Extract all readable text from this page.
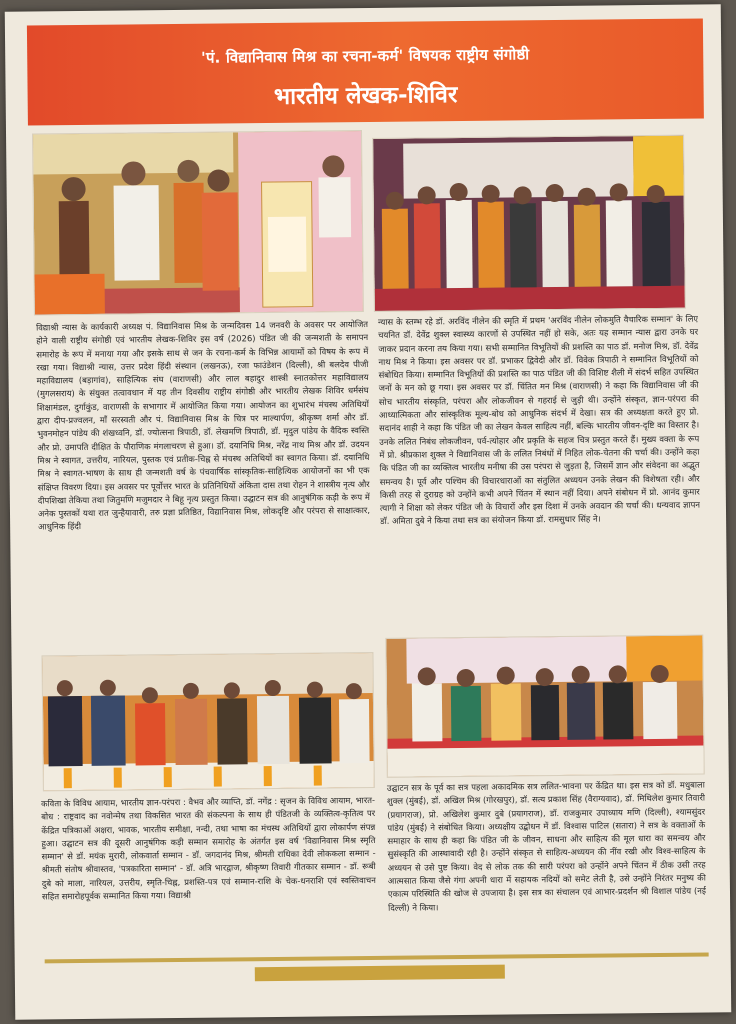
'पं. विद्यानिवास मिश्र का रचना-कर्म' विषयक राष्ट्रीय संगोष्ठी
भारतीय लेखक-शिविर
विद्याश्री न्यास के कार्यकारी अध्यक्ष पं. विद्यानिवास मिश्र के जन्मदिवस 14 जनवरी के अवसर पर आयोजित होने वाली राष्ट्रीय संगोष्ठी एवं भारतीय लेखक-शिविर इस वर्ष (2026) पंडित जी की जन्मशती के समापन समारोह के रूप में मनाया गया और इसके साथ से जन के रचना-कर्म के विभिन्न आयामों को विषय के रूप में रखा गया। विद्याश्री न्यास, उत्तर प्रदेश हिंदी संस्थान (लखनऊ), रजा फाउंडेशन (दिल्ली), श्री बलदेव पीजी महाविद्यालय (बड़ागांव), साहित्यिक संघ (वाराणसी) और लाल बहादुर शास्त्री स्नातकोत्तर महाविद्यालय (मुगलसराय) के संयुक्त तत्वावधान में यह तीन दिवसीय राष्ट्रीय संगोष्ठी और भारतीय लेखक शिविर धर्मसंघ शिक्षामंडल, दुर्गाकुंड, वाराणसी के सभागार में आयोजित किया गया। आयोजन का शुभारंभ मंचस्थ अतिथियों द्वारा दीप-प्रज्वलन, माँ सरस्वती और पं. विद्यानिवास मिश्र के चित्र पर माल्यार्पण, श्रीकृष्ण शर्मा और डॉ. भुवनमोहन पांडेय की शंखध्वनि, डॉ. ज्योत्सना त्रिपाठी, डॉ. लेखमणि त्रिपाठी, डॉ. मृदुल पांडेय के वैदिक स्वस्ति और प्रो. उमापति दीक्षित के पौराणिक मंगलाचरण से हुआ। डॉ. दयानिधि मिश्र, नरेंद्र नाथ मिश्र और डॉ. उदयन मिश्र ने स्वागत, उत्तरीय, नारियल, पुस्तक एवं प्रतीक-चिह्न से मंचस्थ अतिथियों का स्वागत किया। डॉ. दयानिधि मिश्र ने स्वागत-भाषण के साथ ही जन्मशती वर्ष के पंचवार्षिक सांस्कृतिक-साहित्यिक आयोजनों का भी एक संक्षिप्त विवरण दिया। इस अवसर पर पूर्वोत्तर भारत के प्रतिनिधियों अंकिता दास तथा रोहन ने शास्त्रीय नृत्य और दीपशिखा तेकिया तथा जितुमणि मजुमदार ने बिहू नृत्य प्रस्तुत किया। उद्घाटन सत्र की आनुषंगिक कड़ी के रूप में अनेक पुस्तकों यथा रात जुन्हैयावारी, तरु प्रज्ञा प्रतिष्ठित, विद्यानिवास मिश्र, लोकदृष्टि और परंपरा से साक्षात्कार, आधुनिक हिंदी
न्यास के स्तम्भ रहे डॉ. अरविंद नीलेन की स्मृति में प्रथम 'अरविंद नीलेन लोकमुति वैचारिक सम्मान' के लिए चयनित डॉ. देवेंद्र शुक्ल स्वास्थ्य कारणों से उपस्थित नहीं हो सके, अतः यह सम्मान न्यास द्वारा उनके घर जाकर प्रदान करना तय किया गया। सभी सम्मानित विभूतियों की प्रशस्ति का पाठ डॉ. मनोज मिश्र, डॉ. देवेंद्र नाथ मिश्र ने किया। इस अवसर पर डॉ. प्रभाकर द्विवेदी और डॉ. विवेक त्रिपाठी ने सम्मानित विभूतियों को संबोधित किया। सम्मानित विभूतियों की प्रशस्ति का पाठ पंडित जी की विशिष्ट शैली में संदर्भ सहित उपस्थित जनों के मन को छू गया। इस अवसर पर डॉ. चिंतित मन मिश्र (वाराणसी) ने कहा कि विद्यानिवास जी की सोच भारतीय संस्कृति, परंपरा और लोकजीवन से गहराई से जुड़ी थी। उन्होंने संस्कृत, ज्ञान-परंपरा की आध्यात्मिकता और सांस्कृतिक मूल्य-बोध को आधुनिक संदर्भ में देखा। सत्र की अध्यक्षता करते हुए प्रो. सदानंद शाही ने कहा कि पंडित जी का लेखन केवल साहित्य नहीं, बल्कि भारतीय जीवन-दृष्टि का विस्तार है। उनके ललित निबंध लोकजीवन, पर्व-त्योहार और प्रकृति के सहज चित्र प्रस्तुत करते हैं। मुख्य वक्ता के रूप में प्रो. श्रीप्रकाश शुक्ल ने विद्यानिवास जी के ललित निबंधों में निहित लोक-चेतना की चर्चा की। उन्होंने कहा कि पंडित जी का व्यक्तित्व भारतीय मनीषा की उस परंपरा से जुड़ता है, जिसमें ज्ञान और संवेदना का अद्भुत समन्वय है। पूर्व और पश्चिम की विचारधाराओं का संतुलित अध्ययन उनके लेखन की विशेषता रही। और किसी तरह से दुराग्रह को उन्होंने कभी अपने चिंतन में स्थान नहीं दिया। अपने संबोधन में प्रो. आनंद कुमार त्यागी ने शिक्षा को लेकर पंडित जी के विचारों और इस दिशा में उनके अवदान की चर्चा की। धन्यवाद ज्ञापन डॉ. अमिता दुबे ने किया तथा सत्र का संयोजन किया डॉ. रामसुधार सिंह ने।
कविता के विविध आयाम, भारतीय ज्ञान-परंपरा : वैभव और व्याप्ति, डॉ. नगेंद्र : सृजन के विविध आयाम, भारत-बोध : राष्ट्रवाद का नवोन्मेष तथा विकसित भारत की संकल्पना के साथ ही पंडितजी के व्यक्तित्व-कृतित्व पर केंद्रित पत्रिकाओं अक्षरा, भावक, भारतीय समीक्षा, नन्दी, तथा भाषा का मंचस्थ अतिथियों द्वारा लोकार्पण संपन्न हुआ। उद्घाटन सत्र की दूसरी आनुषंगिक कड़ी सम्मान समारोह के अंतर्गत इस वर्ष 'विद्यानिवास मिश्र स्मृति सम्मान' से डॉ. मयंक मुरारी, लोकवार्ता सम्मान - डॉ. जगदानंद मिश्र, श्रीमती राधिका देवी लोककला सम्मान - श्रीमती संतोष श्रीवास्तव, 'पत्रकारिता सम्मान' - डॉ. अत्रि भारद्वाज, श्रीकृष्ण तिवारी गीतकार सम्मान - डॉ. रूबी दुबे को माला, नारियल, उत्तरीय, स्मृति-चिह्न, प्रशस्ति-पत्र एवं सम्मान-राशि के चेक-धनराशि एवं स्वस्तिवाचन सहित समारोहपूर्वक सम्मानित किया गया। विद्याश्री
उद्घाटन सत्र के पूर्व का सत्र पहला अकादमिक सत्र ललित-भावना पर केंद्रित था। इस सत्र को डॉ. मधुबाला शुक्ल (मुंबई), डॉ. अखिल मिश्र (गोरखपुर), डॉ. सत्य प्रकाश सिंह (वैराग्यवाद), डॉ. मिथिलेश कुमार तिवारी (प्रयागराज), प्रो. अखिलेश कुमार दुबे (प्रयागराज), डॉ. राजकुमार उपाध्याय मणि (दिल्ली), श्यामसुंदर पांडेय (मुंबई) ने संबोधित किया। अध्यक्षीय उद्बोधन में डॉ. विश्वास पाटिल (सतारा) ने सत्र के वक्ताओं के समाहार के साथ ही कहा कि पंडित जी के जीवन, साधना और साहित्य की मूल धारा का समन्वय और सुसंस्कृति की आस्थावादी रही है। उन्होंने संस्कृत से साहित्य-अध्ययन की नींव रखी और विश्व-साहित्य के अध्ययन से उसे पुष्ट किया। वेद से लोक तक की सारी परंपरा को उन्होंने अपने चिंतन में ठीक उसी तरह आत्मसात किया जैसे गंगा अपनी धारा में सहायक नदियों को समेट लेती है, उसे उन्होंने निरंतर मनुष्य की एकात्म परिस्थिति की खोज से उपजाया है। इस सत्र का संचालन एवं आभार-प्रदर्शन श्री विशाल पांडेय (नई दिल्ली) ने किया।
